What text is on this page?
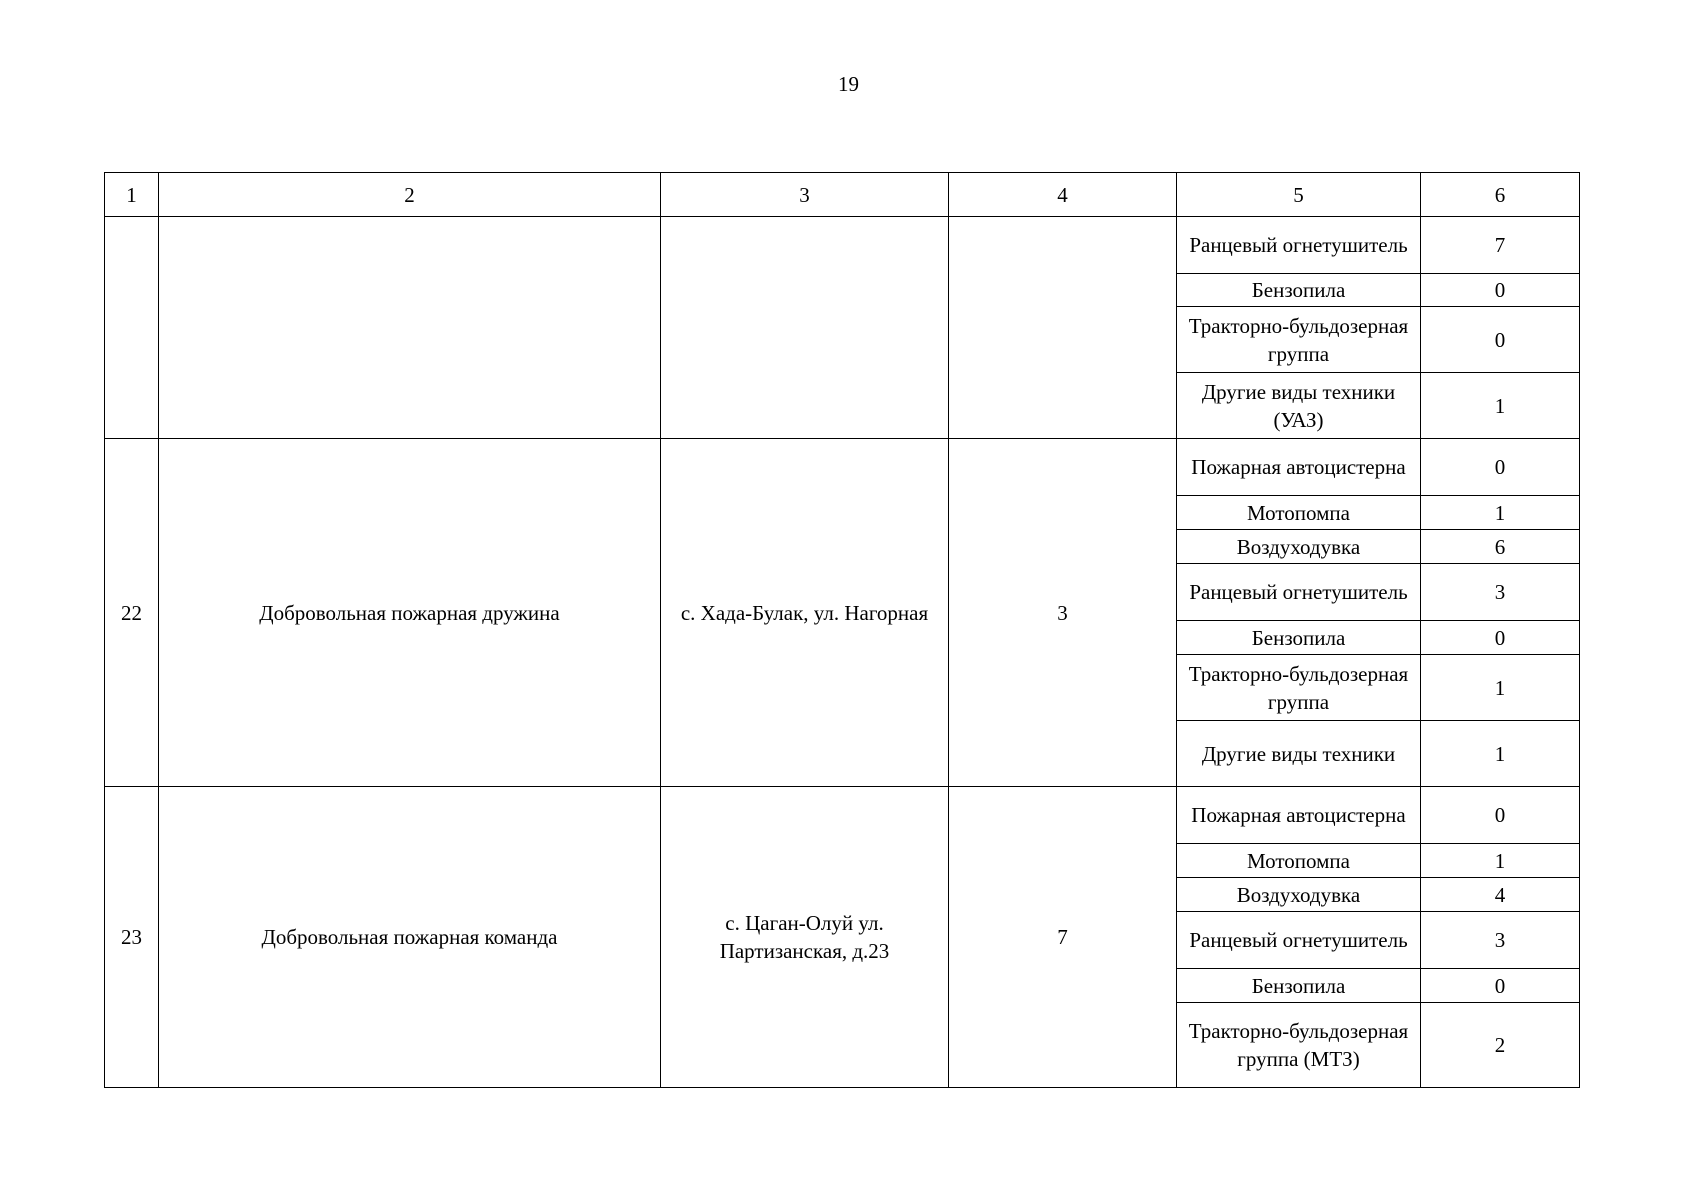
19
1	2	3	4	5	6
				Ранцевый огнетушитель	7
				Бензопила	0
				Тракторно-бульдозерная группа	0
				Другие виды техники (УАЗ)	1
22	Добровольная пожарная дружина	с. Хада-Булак, ул. Нагорная	3	Пожарная автоцистерна	0
				Мотопомпа	1
				Воздуходувка	6
				Ранцевый огнетушитель	3
				Бензопила	0
				Тракторно-бульдозерная группа	1
				Другие виды техники	1
23	Добровольная пожарная команда	с. Цаган-Олуй ул. Партизанская, д.23	7	Пожарная автоцистерна	0
				Мотопомпа	1
				Воздуходувка	4
				Ранцевый огнетушитель	3
				Бензопила	0
				Тракторно-бульдозерная группа (МТЗ)	2
